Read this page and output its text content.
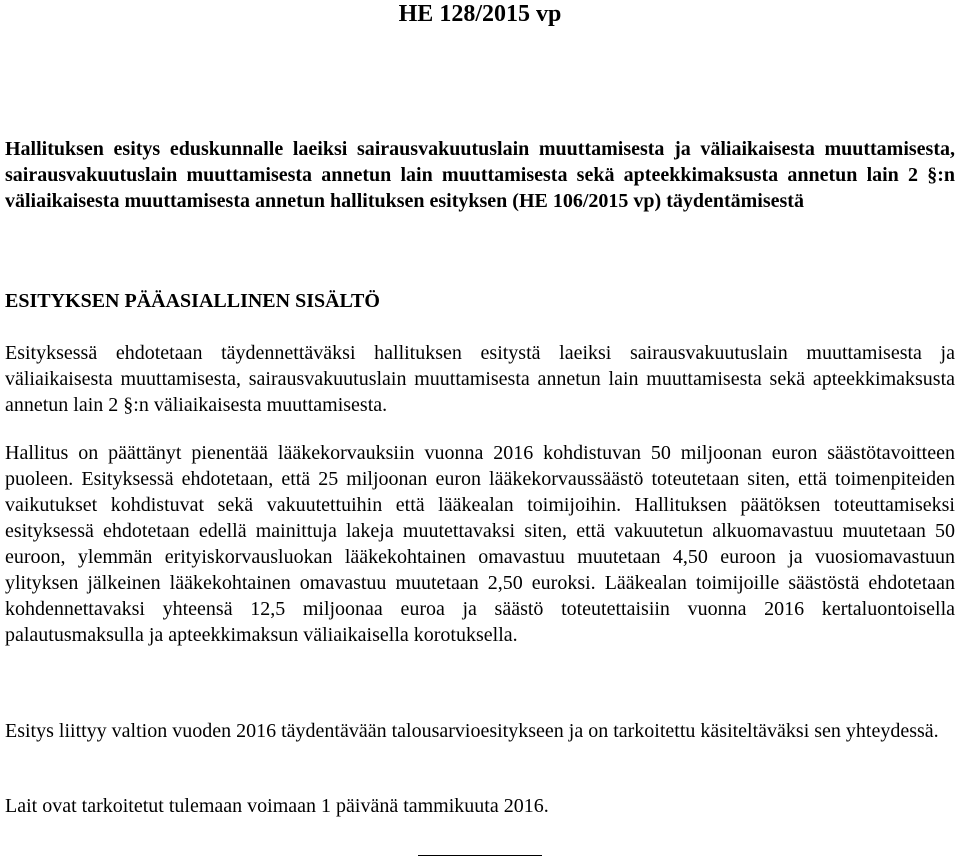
HE 128/2015 vp
Hallituksen esitys eduskunnalle laeiksi sairausvakuutuslain muuttamisesta ja väliaikaisesta muuttamisesta, sairausvakuutuslain muuttamisesta annetun lain muuttamisesta sekä apteekkimaksusta annetun lain 2 §:n väliaikaisesta muuttamisesta annetun hallituksen esityksen (HE 106/2015 vp) täydentämisestä
ESITYKSEN PÄÄASIALLINEN SISÄLTÖ

Esityksessä ehdotetaan täydennettäväksi hallituksen esitystä laeiksi sairausvakuutuslain muuttamisesta ja väliaikaisesta muuttamisesta, sairausvakuutuslain muuttamisesta annetun lain muuttamisesta sekä apteekkimaksusta annetun lain 2 §:n väliaikaisesta muuttamisesta.

Hallitus on päättänyt pienentää lääkekorvauksiin vuonna 2016 kohdistuvan 50 miljoonan euron säästötavoitteen puoleen. Esityksessä ehdotetaan, että 25 miljoonan euron lääkekorvaussäästö toteutetaan siten, että toimenpiteiden vaikutukset kohdistuvat sekä vakuutettuihin että lääkealan toimijoihin. Hallituksen päätöksen toteuttamiseksi esityksessä ehdotetaan edellä mainittuja lakeja muutettavaksi siten, että vakuutetun alkuomavastuu muutetaan 50 euroon, ylemmän erityiskorvausluokan lääkekohtainen omavastuu muutetaan 4,50 euroon ja vuosiomavastuun ylityksen jälkeinen lääkekohtainen omavastuu muutetaan 2,50 euroksi. Lääkealan toimijoille säästöstä ehdotetaan kohdennettavaksi yhteensä 12,5 miljoonaa euroa ja säästö toteutettaisiin vuonna 2016 kertaluontoisella palautusmaksulla ja apteekkimaksun väliaikaisella korotuksella.

Esitys liittyy valtion vuoden 2016 täydentävään talousarvioesitykseen ja on tarkoitettu käsiteltäväksi sen yhteydessä.

Lait ovat tarkoitetut tulemaan voimaan 1 päivänä tammikuuta 2016.
